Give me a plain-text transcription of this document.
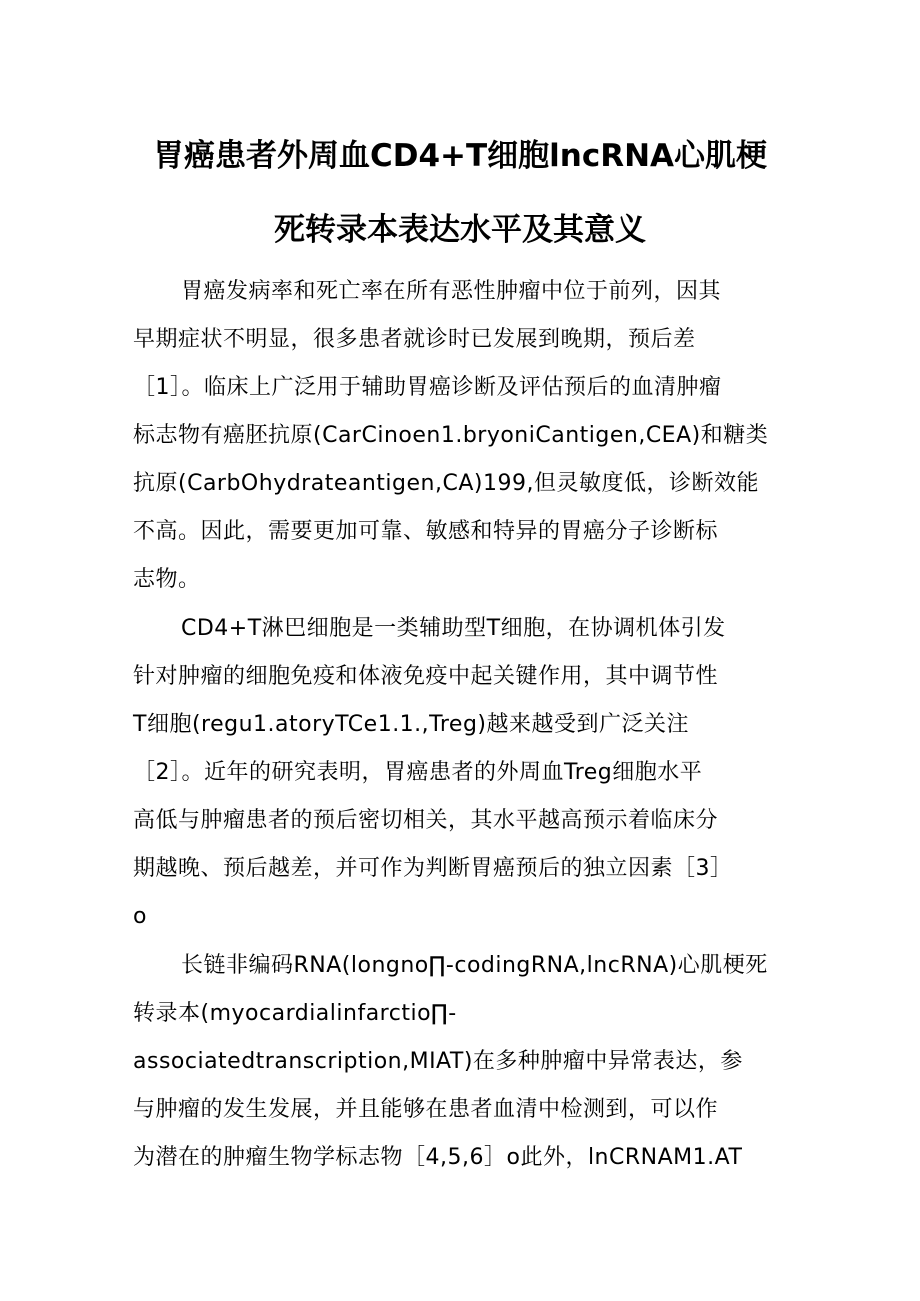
胃癌患者外周血CD4+T细胞lncRNA心肌梗
死转录本表达水平及其意义
胃癌发病率和死亡率在所有恶性肿瘤中位于前列，因其
早期症状不明显，很多患者就诊时已发展到晚期，预后差
［1］。临床上广泛用于辅助胃癌诊断及评估预后的血清肿瘤
标志物有癌胚抗原(CarCinoen1.bryoniCantigen,CEA)和糖类
抗原(CarbOhydrateantigen,CA)199,但灵敏度低，诊断效能
不高。因此，需要更加可靠、敏感和特异的胃癌分子诊断标
志物。
CD4+T淋巴细胞是一类辅助型T细胞，在协调机体引发
针对肿瘤的细胞免疫和体液免疫中起关键作用，其中调节性
T细胞(regu1.atoryTCe1.1.,Treg)越来越受到广泛关注
［2］。近年的研究表明，胃癌患者的外周血Treg细胞水平
高低与肿瘤患者的预后密切相关，其水平越高预示着临床分
期越晚、预后越差，并可作为判断胃癌预后的独立因素［3］
o
长链非编码RNA(longno∏-codingRNA,lncRNA)心肌梗死
转录本(myocardialinfarctio∏-
associatedtranscription,MIAT)在多种肿瘤中异常表达，参
与肿瘤的发生发展，并且能够在患者血清中检测到，可以作
为潜在的肿瘤生物学标志物［4,5,6］o此外，lnCRNAM1.AT
